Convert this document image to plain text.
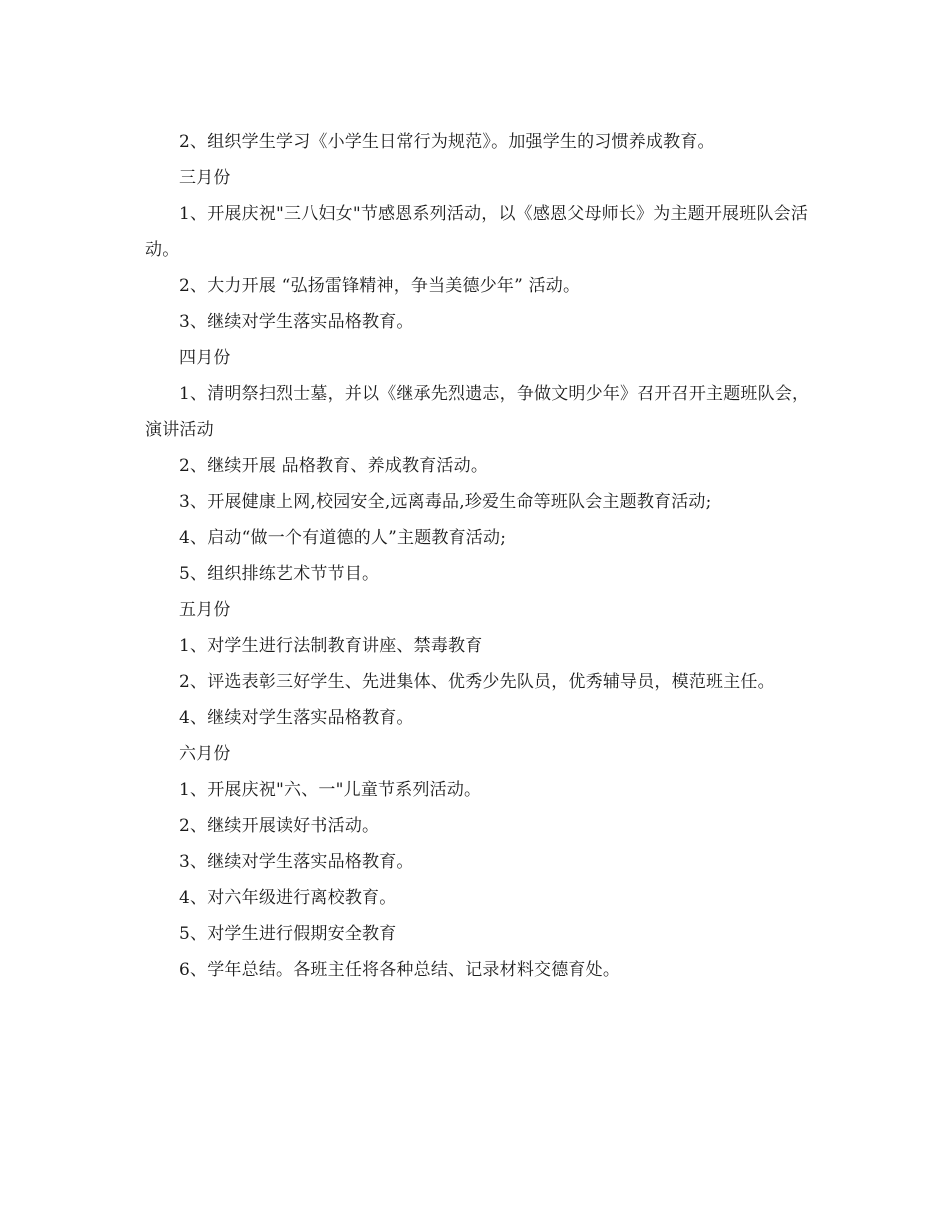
2、组织学生学习《小学生日常行为规范》。加强学生的习惯养成教育。

三月份

1、开展庆祝"三八妇女"节感恩系列活动，以《感恩父母师长》为主题开展班队会活动。

2、大力开展 “弘扬雷锋精神，争当美德少年” 活动。

3、继续对学生落实品格教育。

四月份

1、清明祭扫烈士墓，并以《继承先烈遗志，争做文明少年》召开召开主题班队会，演讲活动

2、继续开展 品格教育、养成教育活动。

3、开展健康上网,校园安全,远离毒品,珍爱生命等班队会主题教育活动;

4、启动“做一个有道德的人”主题教育活动;

5、组织排练艺术节节目。

五月份

1、对学生进行法制教育讲座、禁毒教育

2、评选表彰三好学生、先进集体、优秀少先队员，优秀辅导员，模范班主任。

4、继续对学生落实品格教育。

六月份

1、开展庆祝"六、一"儿童节系列活动。

2、继续开展读好书活动。

3、继续对学生落实品格教育。

4、对六年级进行离校教育。

5、对学生进行假期安全教育

6、学年总结。各班主任将各种总结、记录材料交德育处。
